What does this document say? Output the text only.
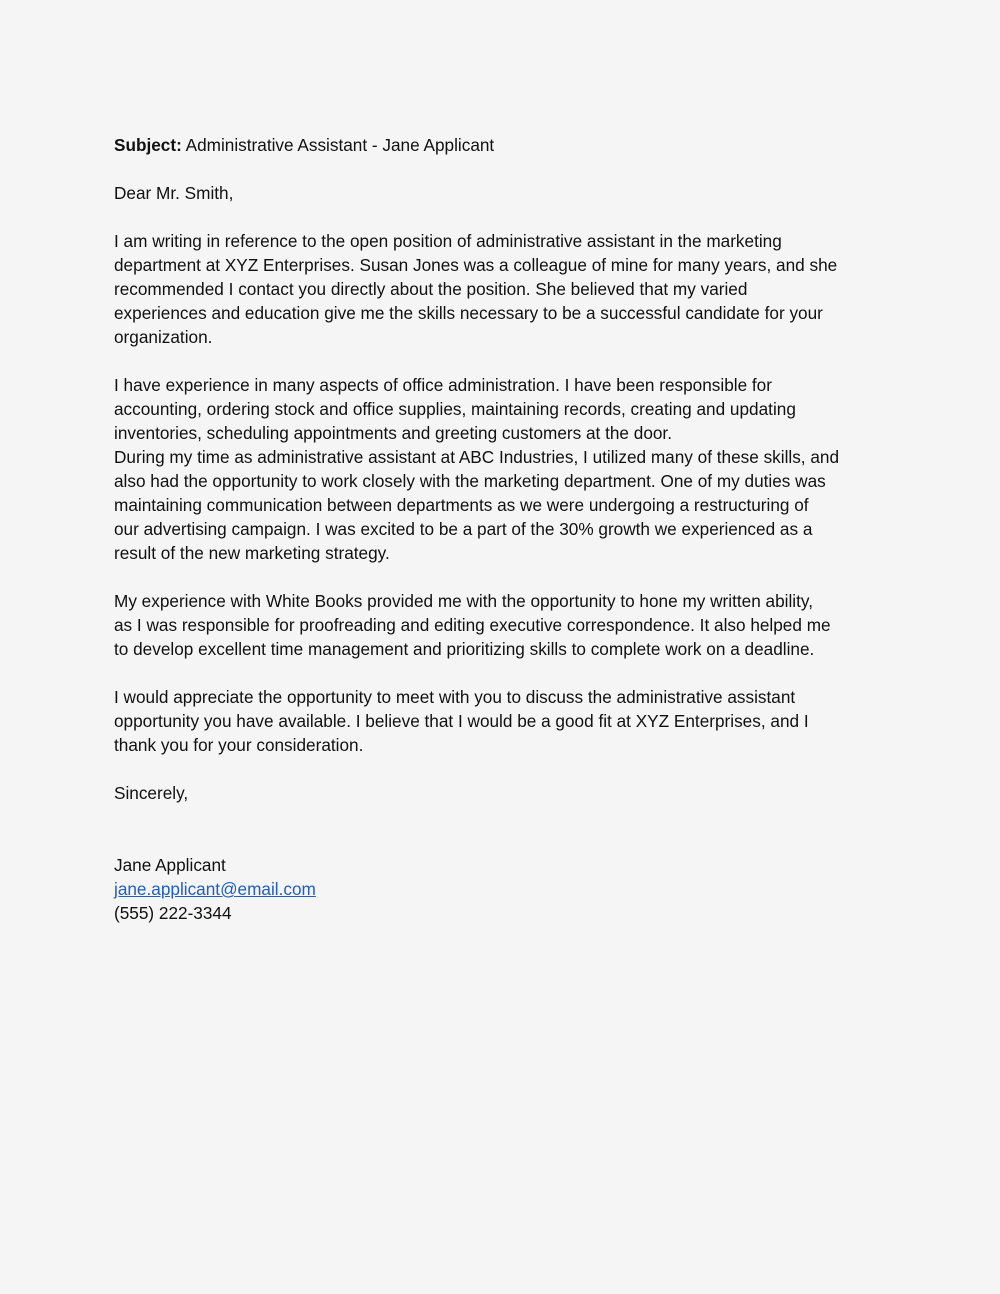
Subject: Administrative Assistant - Jane Applicant

Dear Mr. Smith,

I am writing in reference to the open position of administrative assistant in the marketing
department at XYZ Enterprises. Susan Jones was a colleague of mine for many years, and she
recommended I contact you directly about the position. She believed that my varied
experiences and education give me the skills necessary to be a successful candidate for your
organization.

I have experience in many aspects of office administration. I have been responsible for
accounting, ordering stock and office supplies, maintaining records, creating and updating
inventories, scheduling appointments and greeting customers at the door.
During my time as administrative assistant at ABC Industries, I utilized many of these skills, and
also had the opportunity to work closely with the marketing department. One of my duties was
maintaining communication between departments as we were undergoing a restructuring of
our advertising campaign. I was excited to be a part of the 30% growth we experienced as a
result of the new marketing strategy.

My experience with White Books provided me with the opportunity to hone my written ability,
as I was responsible for proofreading and editing executive correspondence. It also helped me
to develop excellent time management and prioritizing skills to complete work on a deadline.

I would appreciate the opportunity to meet with you to discuss the administrative assistant
opportunity you have available. I believe that I would be a good fit at XYZ Enterprises, and I
thank you for your consideration.

Sincerely,

Jane Applicant
jane.applicant@email.com
(555) 222-3344
